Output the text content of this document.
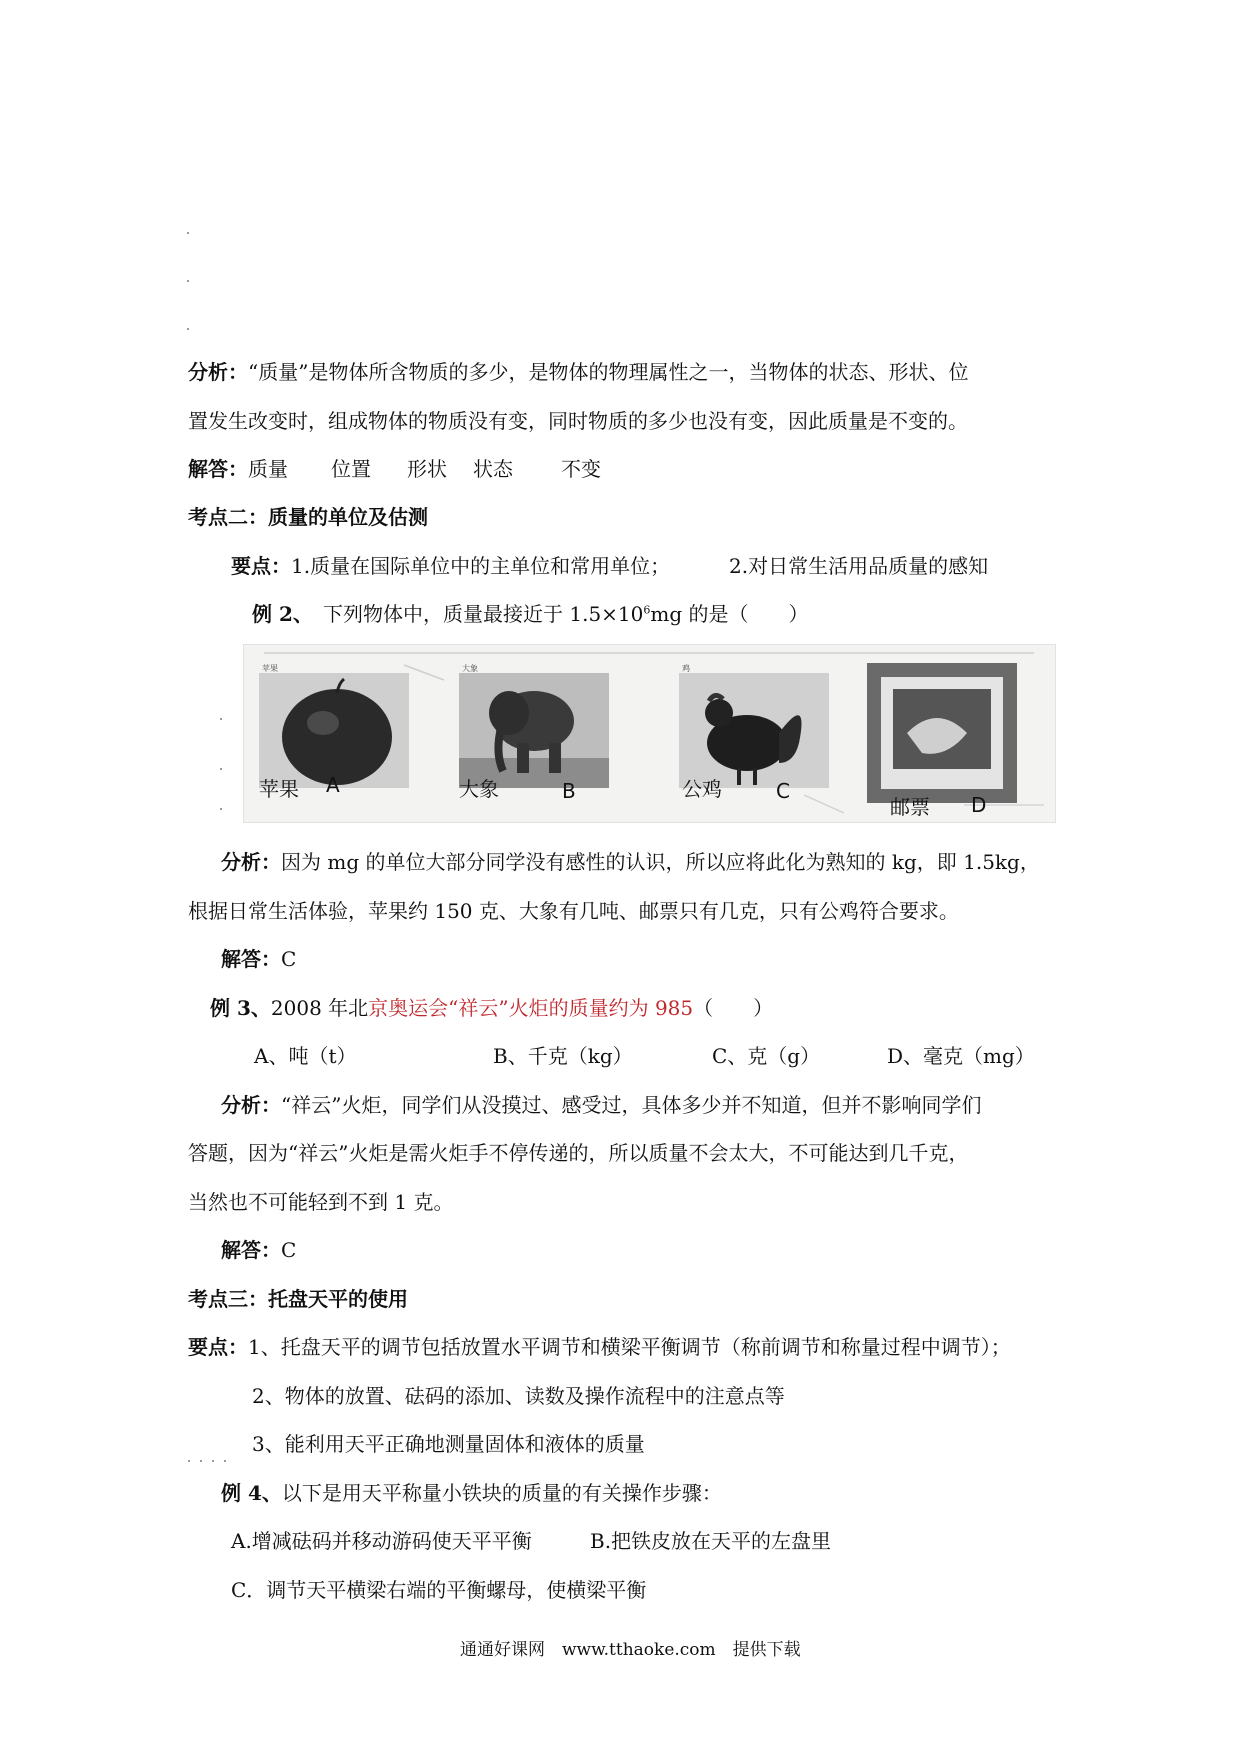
分析：“质量”是物体所含物质的多少，是物体的物理属性之一，当物体的状态、形状、位
置发生改变时，组成物体的物质没有变，同时物质的多少也没有变，因此质量是不变的。
解答：质量 位置 形状 状态 不变
考点二：质量的单位及估测
要点：1.质量在国际单位中的主单位和常用单位；	2.对日常生活用品质量的感知
例 2、 下列物体中，质量最接近于 $1.5\times 10^6mg$ 的是（　　）
苹果	大象	鸡
苹果 A	大象	B	公鸡	C
邮票 D
分析：因为 mg 的单位大部分同学没有感性的认识，所以应将此化为熟知的 kg，即 1.5kg，
根据日常生活体验，苹果约 150 克、大象有几吨、邮票只有几克，只有公鸡符合要求。
解答：C
例 3、2008 年北京奥运会“祥云”火炬的质量约为 985（　　）
A、吨（t）	B、千克（kg）	C、克（g）	D、毫克（mg）
分析：“祥云”火炬，同学们从没摸过、感受过，具体多少并不知道，但并不影响同学们
答题，因为“祥云”火炬是需火炬手不停传递的，所以质量不会太大，不可能达到几千克，
当然也不可能轻到不到 1 克。
解答：C
考点三：托盘天平的使用
要点：1、托盘天平的调节包括放置水平调节和横梁平衡调节（称前调节和称量过程中调节）；
2、物体的放置、砝码的添加、读数及操作流程中的注意点等
3、能利用天平正确地测量固体和液体的质量
例 4、以下是用天平称量小铁块的质量的有关操作步骤：
A.增减砝码并移动游码使天平平衡	B.把铁皮放在天平的左盘里
C．调节天平横梁右端的平衡螺母，使横梁平衡
通通好课网　www.tthaoke.com　提供下载
